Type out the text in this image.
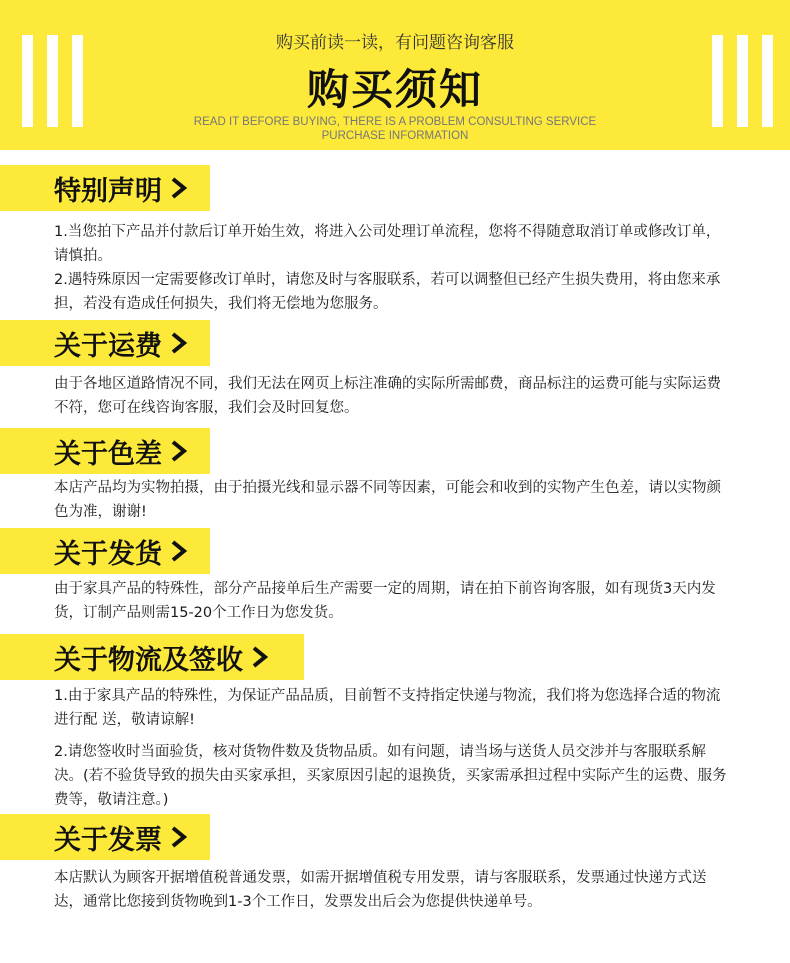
购买前读一读，有问题咨询客服
购买须知
READ IT BEFORE BUYING, THERE IS A PROBLEM CONSULTING SERVICE
PURCHASE INFORMATION
特别声明
1.当您拍下产品并付款后订单开始生效，将进入公司处理订单流程，您将不得随意取消订单或修改订单，请慎拍。
2.遇特殊原因一定需要修改订单时，请您及时与客服联系，若可以调整但已经产生损失费用，将由您来承担，若没有造成任何损失，我们将无偿地为您服务。
关于运费
由于各地区道路情况不同，我们无法在网页上标注准确的实际所需邮费，商品标注的运费可能与实际运费不符，您可在线咨询客服，我们会及时回复您。
关于色差
本店产品均为实物拍摄，由于拍摄光线和显示器不同等因素，可能会和收到的实物产生色差，请以实物颜色为准，谢谢!
关于发货
由于家具产品的特殊性，部分产品接单后生产需要一定的周期，请在拍下前咨询客服，如有现货3天内发货，订制产品则需15-20个工作日为您发货。
关于物流及签收
1.由于家具产品的特殊性，为保证产品品质，目前暂不支持指定快递与物流，我们将为您选择合适的物流进行配 送，敬请谅解!
2.请您签收时当面验货，核对货物件数及货物品质。如有问题，请当场与送货人员交涉并与客服联系解决。(若不验货导致的损失由买家承担，买家原因引起的退换货，买家需承担过程中实际产生的运费、服务费等，敬请注意。)
关于发票
本店默认为顾客开据增值税普通发票，如需开据增值税专用发票，请与客服联系，发票通过快递方式送达，通常比您接到货物晚到1-3个工作日，发票发出后会为您提供快递单号。
